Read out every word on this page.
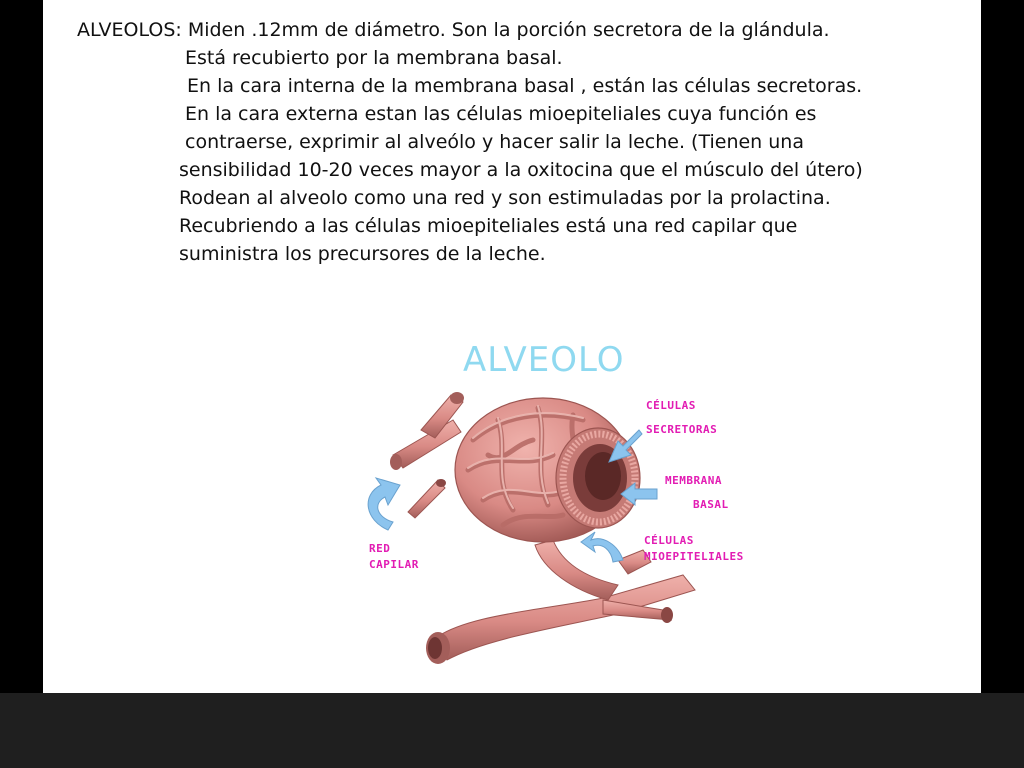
ALVEOLOS: Miden .12mm de diámetro. Son la porción secretora de la glándula.
Está recubierto por la membrana basal.
En la cara interna de la membrana basal , están las células secretoras.
En la cara externa estan las células mioepiteliales cuya función es
contraerse, exprimir al alveólo y hacer salir la leche. (Tienen una
sensibilidad 10-20 veces mayor a la oxitocina que el músculo del útero)
Rodean al alveolo como una red y son estimuladas por la prolactina.
Recubriendo a las células mioepiteliales está una red capilar que
suministra los precursores de la leche.
ALVEOLO
CÉLULAS
SECRETORAS
MEMBRANA
BASAL
CÉLULAS
MIOEPITELIALES
RED
CAPILAR
